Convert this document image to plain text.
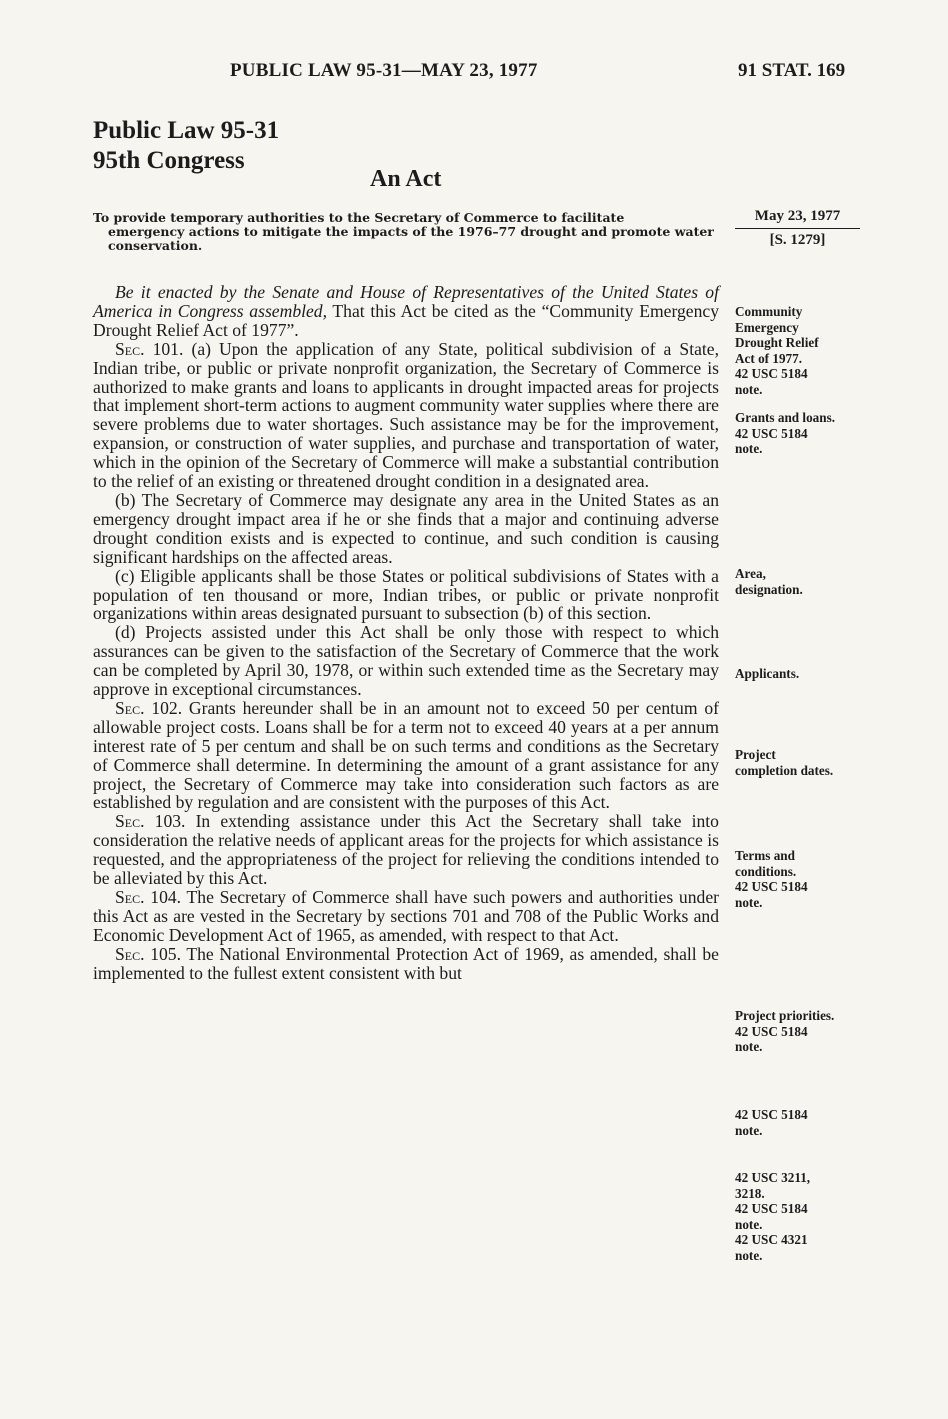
PUBLIC LAW 95-31—MAY 23, 1977	91 STAT. 169
Public Law 95-31
95th Congress
An Act
To provide temporary authorities to the Secretary of Commerce to facilitate
emergency actions to mitigate the impacts of the 1976–77 drought and promote water conservation.
May 23, 1977
[S. 1279]

Be it enacted by the Senate and House of Representatives of the United States of America in Congress assembled, That this Act be cited as the “Community Emergency Drought Relief Act of 1977”.

Sec. 101. (a) Upon the application of any State, political subdivision of a State, Indian tribe, or public or private nonprofit organization, the Secretary of Commerce is authorized to make grants and loans to applicants in drought impacted areas for projects that implement short-term actions to augment community water supplies where there are severe problems due to water shortages. Such assistance may be for the improvement, expansion, or construction of water supplies, and purchase and transportation of water, which in the opinion of the Secretary of Commerce will make a substantial contribution to the relief of an existing or threatened drought condition in a designated area.

(b) The Secretary of Commerce may designate any area in the United States as an emergency drought impact area if he or she finds that a major and continuing adverse drought condition exists and is expected to continue, and such condition is causing significant hardships on the affected areas.

(c) Eligible applicants shall be those States or political subdivisions of States with a population of ten thousand or more, Indian tribes, or public or private nonprofit organizations within areas designated pursuant to subsection (b) of this section.

(d) Projects assisted under this Act shall be only those with respect to which assurances can be given to the satisfaction of the Secretary of Commerce that the work can be completed by April 30, 1978, or within such extended time as the Secretary may approve in exceptional circumstances.

Sec. 102. Grants hereunder shall be in an amount not to exceed 50 per centum of allowable project costs. Loans shall be for a term not to exceed 40 years at a per annum interest rate of 5 per centum and shall be on such terms and conditions as the Secretary of Commerce shall determine. In determining the amount of a grant assistance for any project, the Secretary of Commerce may take into consideration such factors as are established by regulation and are consistent with the purposes of this Act.

Sec. 103. In extending assistance under this Act the Secretary shall take into consideration the relative needs of applicant areas for the projects for which assistance is requested, and the appropriateness of the project for relieving the conditions intended to be alleviated by this Act.

Sec. 104. The Secretary of Commerce shall have such powers and authorities under this Act as are vested in the Secretary by sections 701 and 708 of the Public Works and Economic Development Act of 1965, as amended, with respect to that Act.

Sec. 105. The National Environmental Protection Act of 1969, as amended, shall be implemented to the fullest extent consistent with but

Community
Emergency
Drought Relief
Act of 1977.
42 USC 5184
note.
Grants and loans.
42 USC 5184
note.
Area,
designation.
Applicants.
Project
completion dates.
Terms and
conditions.
42 USC 5184
note.
Project priorities.
42 USC 5184
note.
42 USC 5184
note.
42 USC 3211,
3218.
42 USC 5184
note.
42 USC 4321
note.
